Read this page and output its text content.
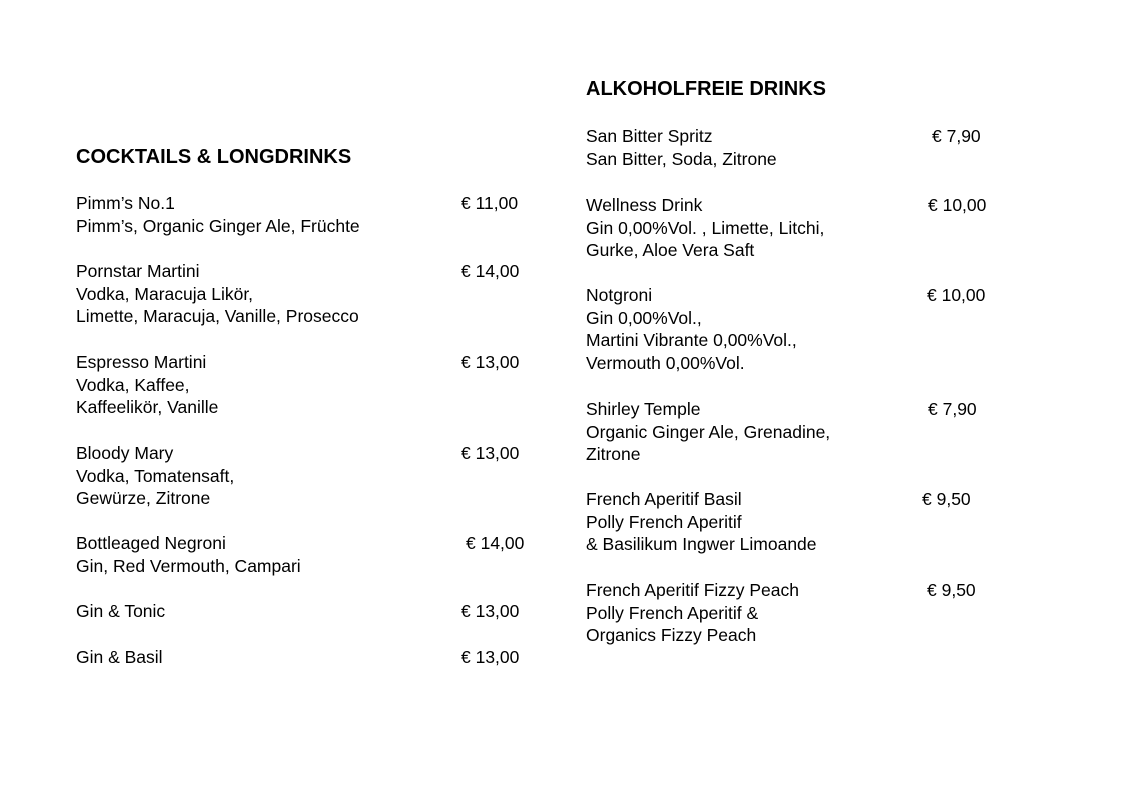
COCKTAILS & LONGDRINKS
Pimm’s No.1	€ 11,00
Pimm’s, Organic Ginger Ale, Früchte
Pornstar Martini	€ 14,00
Vodka, Maracuja Likör,
Limette, Maracuja, Vanille, Prosecco
Espresso Martini	€ 13,00
Vodka, Kaffee,
Kaffeelikör, Vanille
Bloody Mary	€ 13,00
Vodka, Tomatensaft,
Gewürze, Zitrone
Bottleaged Negroni	€ 14,00
Gin, Red Vermouth, Campari
Gin & Tonic	€ 13,00
Gin & Basil	€ 13,00
ALKOHOLFREIE DRINKS
San Bitter Spritz	€ 7,90
San Bitter, Soda, Zitrone
Wellness Drink	€ 10,00
Gin 0,00%Vol. , Limette, Litchi,
Gurke, Aloe Vera Saft
Notgroni	€ 10,00
Gin 0,00%Vol.,
Martini Vibrante 0,00%Vol.,
Vermouth 0,00%Vol.
Shirley Temple	€ 7,90
Organic Ginger Ale, Grenadine,
Zitrone
French Aperitif Basil	€ 9,50
Polly French Aperitif
& Basilikum Ingwer Limoande
French Aperitif Fizzy Peach	€ 9,50
Polly French Aperitif &
Organics Fizzy Peach
